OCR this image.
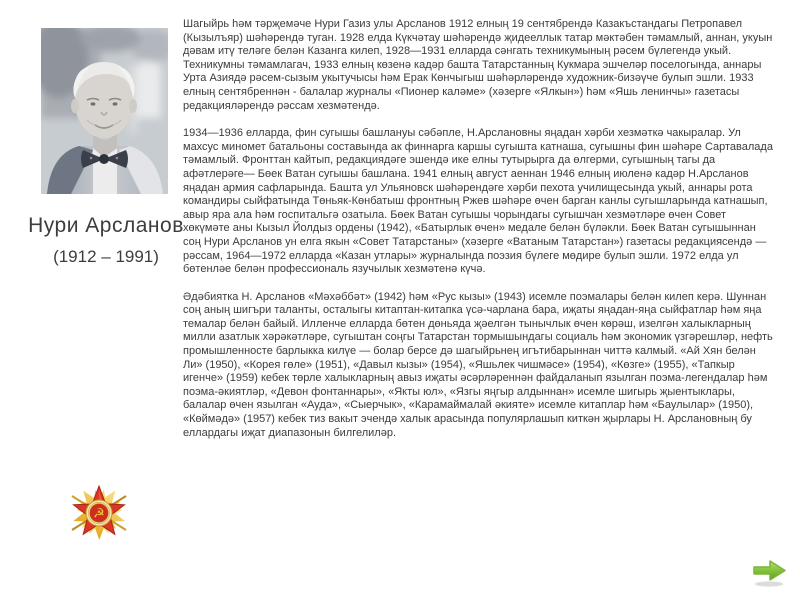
Нури Арсланов
(1912 – 1991)
☭

Шагыйрь һәм тәрҗемәче Нури Газиз улы Арсланов 1912 елның 19 сентябрендә Казакъстандагы Петропавел (Кызылъяр) шәһәрендә туган. 1928 елда Күкчәтау шәһәрендә җидееллык татар мәктәбен тәмамлый, аннан, укуын дәвам итү теләге белән Казанга килеп, 1928—1931 елларда сәнгать техникумының рәсем бүлегендә укый. Техникумны тәмамлагач, 1933 елның көзенә кадәр башта Татарстанның Кукмара эшчеләр поселогында, аннары Урта Азиядә рәсем-сызым укытучысы һәм Ерак Көнчыгыш шәһәрләрендә художник-бизәүче булып эшли. 1933 елның сентябреннән - балалар журналы «Пионер каләме» (хәзерге «Ялкын») һәм «Яшь ленинчы» газетасы редакцияләрендә рәссам хезмәтендә.

1934—1936 елларда, фин сугышы башлануы сәбәпле, Н.Арслановны яңадан хәрби хезмәткә чакыралар. Ул махсус миномет батальоны составында ак финнарга каршы сугышта катнаша, сугышны фин шәһәре Сартавалада тәмамлый. Фронттан кайтып, редакциядәге эшендә ике елны тутырырга да өлгерми, сугышның тагы да афәтлерәге— Бөек Ватан сугышы башлана. 1941 елның август аеннан 1946 елның июленә кадәр Н.Арсланов яңадан армия сафларында. Башта ул Ульяновск шәһәрендәге хәрби пехота училищесында укый, аннары рота командиры сыйфатында Төньяк-Көнбатыш фронтның Ржев шәһәре өчен барган канлы сугышларында катнашып, авыр яра ала һәм госпитальгә озатыла. Бөек Ватан сугышы чорындагы сугышчан хезмәтләре өчен Совет хөкүмәте аны Кызыл Йолдыз ордены (1942), «Батырлык өчен» медале белән бүләкли. Бөек Ватан сугышыннан соң Нури Арсланов ун елга якын «Совет Татарстаны» (хәзерге «Ватаным Татарстан») газетасы редакциясендә — рәссам, 1964—1972 елларда «Казан утлары» журналында поэзия бүлеге мөдире булып эшли. 1972 елда ул бөтенләе белән профессиональ язучылык хезмәтенә күчә.

Әдәбиятка Н. Арсланов «Мәхәббәт» (1942) һәм «Рус кызы» (1943) исемле поэмалары белән килеп керә. Шуннан соң аның шигъри таланты, осталыгы китаптан-китапка үсә-чарлана бара, иҗаты яңадан-яңа сыйфатлар һәм яңа темалар белән байый. Илленче елларда бөтен дөньяда җәелгән тынычлык өчен көрәш, изелгән халыкларның милли азатлык хәрәкәтләре, сугыштан соңгы Татарстан тормышындагы социаль һәм экономик үзгәрешләр, нефть промышленносте барлыкка килүе — болар берсе дә шагыйрьнең игътибарыннан читтә калмый. «Ай Хян белән Ли» (1950), «Корея гөле» (1951), «Давыл кызы» (1954), «Яшьлек чишмәсе» (1954), «Көзге» (1955), «Тапкыр игенче» (1959) кебек төрле халыкларның авыз иҗаты әсәрләреннән файдаланып язылган поэма-легендалар һәм поэма-әкиятләр, «Девон фонтаннары», «Якты юл», «Язгы яңгыр алдыннан» исемле шигырь җыентыклары, балалар өчен язылган «Ауда», «Сыерчык», «Карамаймалай әкияте» исемле китаплар һәм «Баулылар» (1950), «Көймәдә» (1957) кебек тиз вакыт эчендә халык арасында популярлашып киткән җырлары Н. Арслановның бу еллардагы иҗат диапазонын билгелиләр.
